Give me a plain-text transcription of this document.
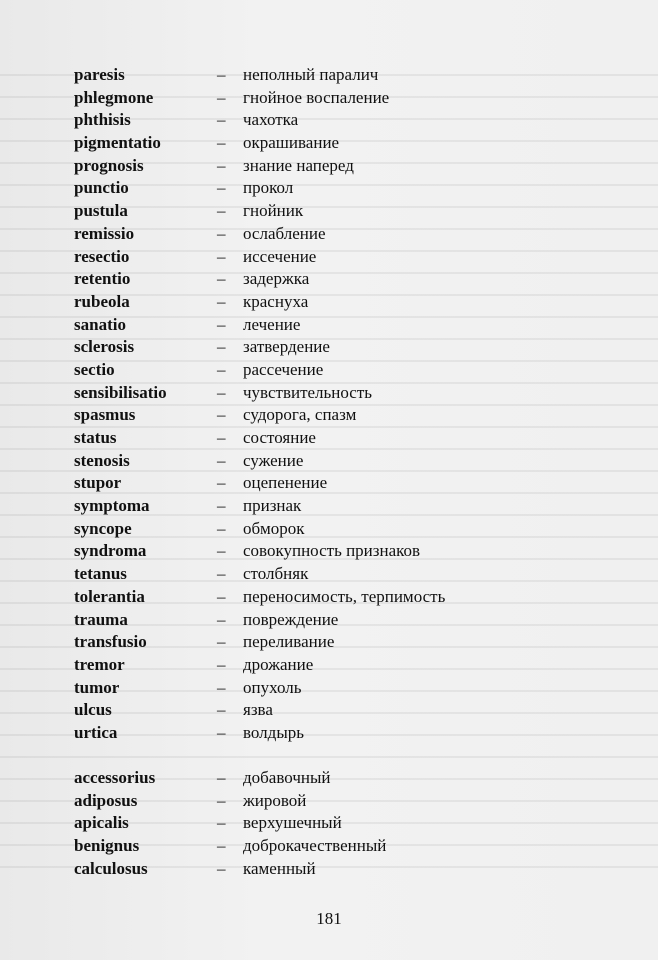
paresis	–	неполный паралич
phlegmone	–	гнойное воспаление
phthisis	–	чахотка
pigmentatio	–	окрашивание
prognosis	–	знание наперед
punctio	–	прокол
pustula	–	гнойник
remissio	–	ослабление
resectio	–	иссечение
retentio	–	задержка
rubeola	–	краснуха
sanatio	–	лечение
sclerosis	–	затвердение
sectio	–	рассечение
sensibilisatio	–	чувствительность
spasmus	–	судорога, спазм
status	–	состояние
stenosis	–	сужение
stupor	–	оцепенение
symptoma	–	признак
syncope	–	обморок
syndroma	–	совокупность признаков
tetanus	–	столбняк
tolerantia	–	переносимость, терпимость
trauma	–	повреждение
transfusio	–	переливание
tremor	–	дрожание
tumor	–	опухоль
ulcus	–	язва
urtica	–	волдырь
accessorius	–	добавочный
adiposus	–	жировой
apicalis	–	верхушечный
benignus	–	доброкачественный
calculosus	–	каменный
181
